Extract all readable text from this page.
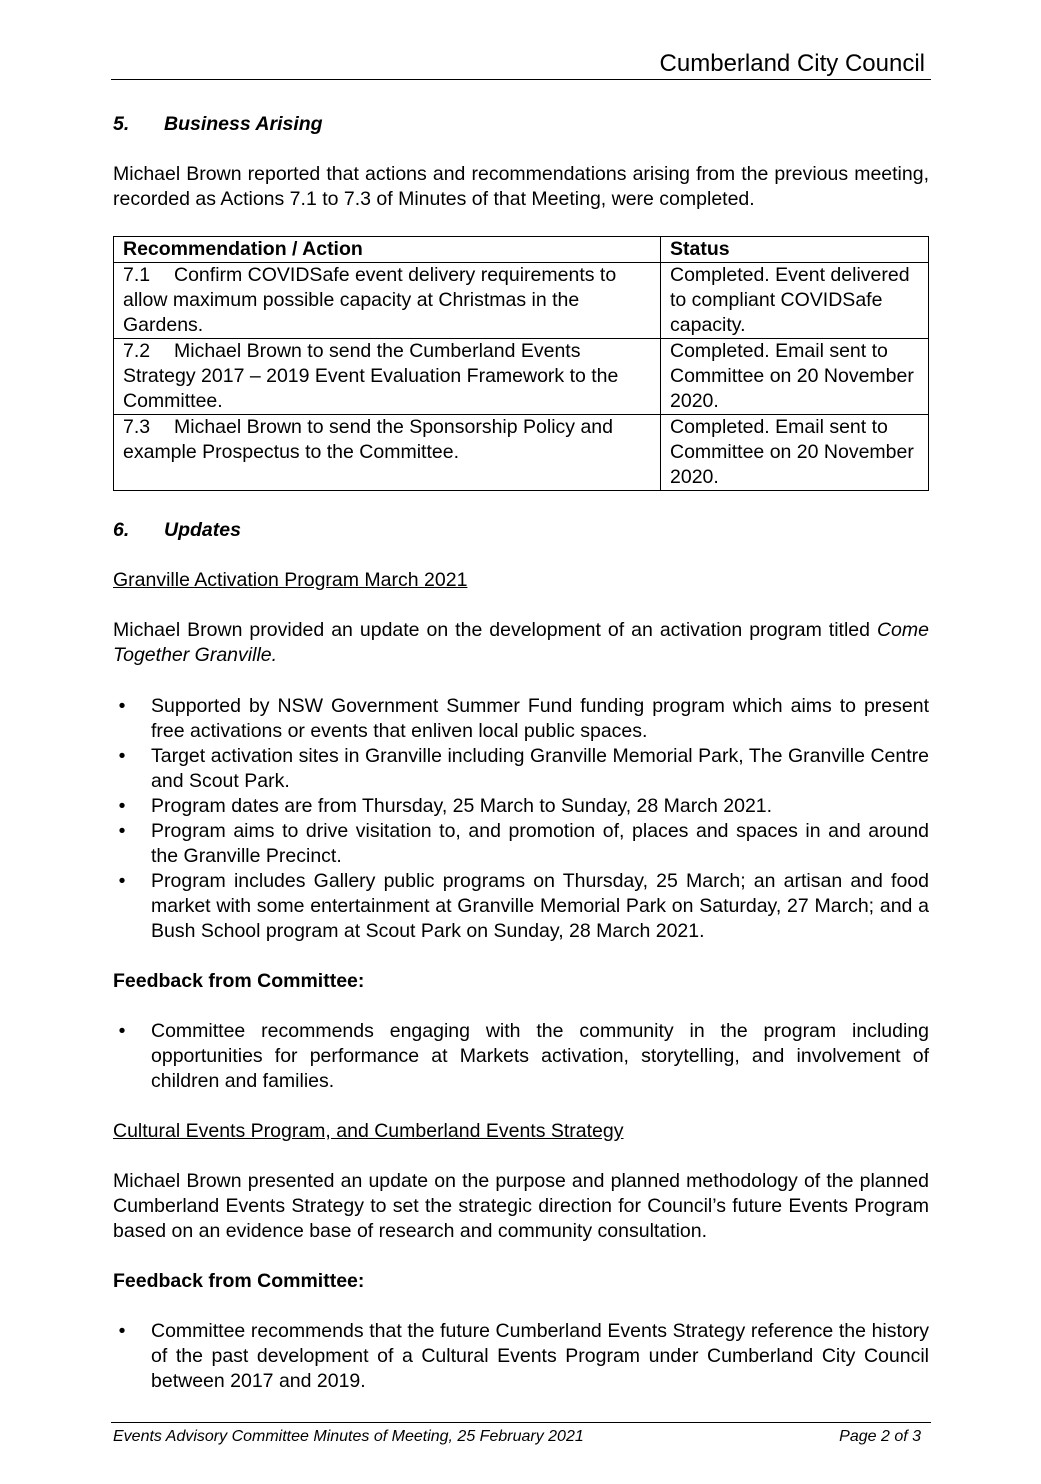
Cumberland City Council
5. Business Arising

Michael Brown reported that actions and recommendations arising from the previous meeting, recorded as Actions 7.1 to 7.3 of Minutes of that Meeting, were completed.

Recommendation / Action	Status
7.1 Confirm COVIDSafe event delivery requirements to allow maximum possible capacity at Christmas in the Gardens.	Completed. Event delivered to compliant COVIDSafe capacity.
7.2 Michael Brown to send the Cumberland Events Strategy 2017 – 2019 Event Evaluation Framework to the Committee.	Completed. Email sent to Committee on 20 November 2020.
7.3 Michael Brown to send the Sponsorship Policy and example Prospectus to the Committee.	Completed. Email sent to Committee on 20 November 2020.
6. Updates

Granville Activation Program March 2021

Michael Brown provided an update on the development of an activation program titled Come Together Granville.

• Supported by NSW Government Summer Fund funding program which aims to present free activations or events that enliven local public spaces.
• Target activation sites in Granville including Granville Memorial Park, The Granville Centre and Scout Park.
• Program dates are from Thursday, 25 March to Sunday, 28 March 2021.
• Program aims to drive visitation to, and promotion of, places and spaces in and around the Granville Precinct.
• Program includes Gallery public programs on Thursday, 25 March; an artisan and food market with some entertainment at Granville Memorial Park on Saturday, 27 March; and a Bush School program at Scout Park on Sunday, 28 March 2021.

Feedback from Committee:

• Committee recommends engaging with the community in the program including opportunities for performance at Markets activation, storytelling, and involvement of children and families.

Cultural Events Program, and Cumberland Events Strategy

Michael Brown presented an update on the purpose and planned methodology of the planned Cumberland Events Strategy to set the strategic direction for Council’s future Events Program based on an evidence base of research and community consultation.

Feedback from Committee:

• Committee recommends that the future Cumberland Events Strategy reference the history of the past development of a Cultural Events Program under Cumberland City Council between 2017 and 2019.
Events Advisory Committee Minutes of Meeting, 25 February 2021	Page 2 of 3
